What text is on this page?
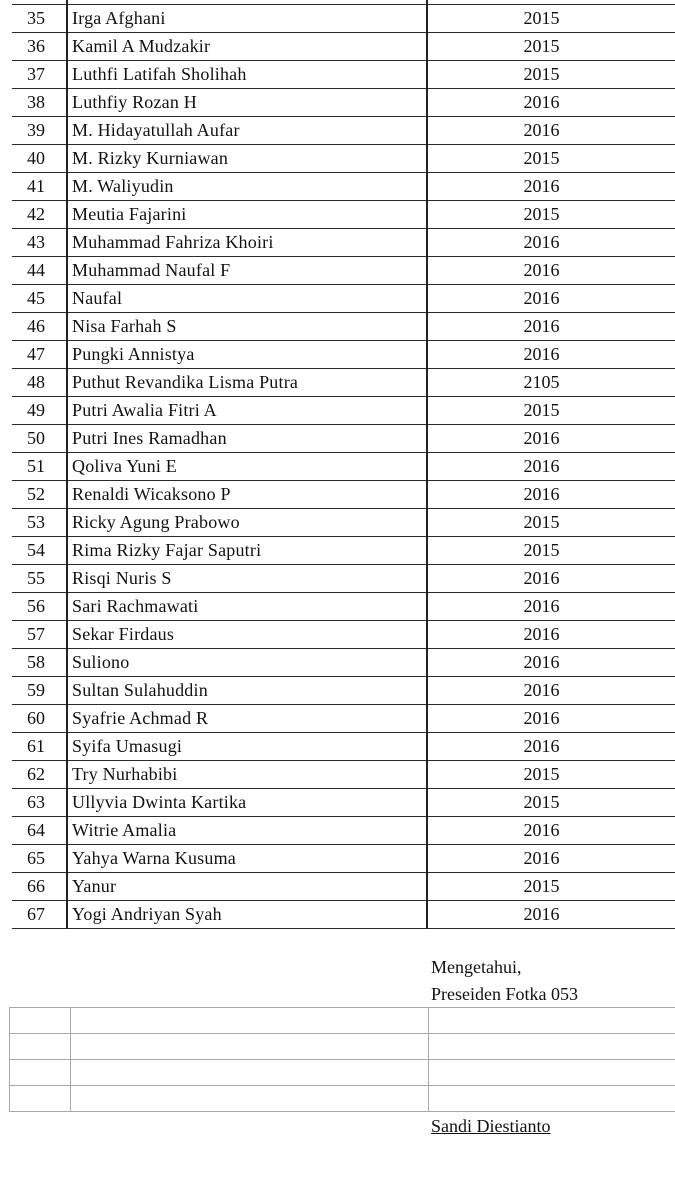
35	Irga Afghani	2015
36	Kamil A Mudzakir	2015
37	Luthfi Latifah Sholihah	2015
38	Luthfiy Rozan H	2016
39	M. Hidayatullah Aufar	2016
40	M. Rizky Kurniawan	2015
41	M. Waliyudin	2016
42	Meutia Fajarini	2015
43	Muhammad Fahriza Khoiri	2016
44	Muhammad Naufal F	2016
45	Naufal	2016
46	Nisa Farhah S	2016
47	Pungki Annistya	2016
48	Puthut Revandika Lisma Putra	2105
49	Putri Awalia Fitri A	2015
50	Putri Ines Ramadhan	2016
51	Qoliva Yuni E	2016
52	Renaldi Wicaksono P	2016
53	Ricky Agung Prabowo	2015
54	Rima Rizky Fajar Saputri	2015
55	Risqi Nuris S	2016
56	Sari Rachmawati	2016
57	Sekar Firdaus	2016
58	Suliono	2016
59	Sultan Sulahuddin	2016
60	Syafrie Achmad R	2016
61	Syifa Umasugi	2016
62	Try Nurhabibi	2015
63	Ullyvia Dwinta Kartika	2015
64	Witrie Amalia	2016
65	Yahya Warna Kusuma	2016
66	Yanur	2015
67	Yogi Andriyan Syah	2016
Mengetahui,
Preseiden Fotka 053

Sandi Diestianto
